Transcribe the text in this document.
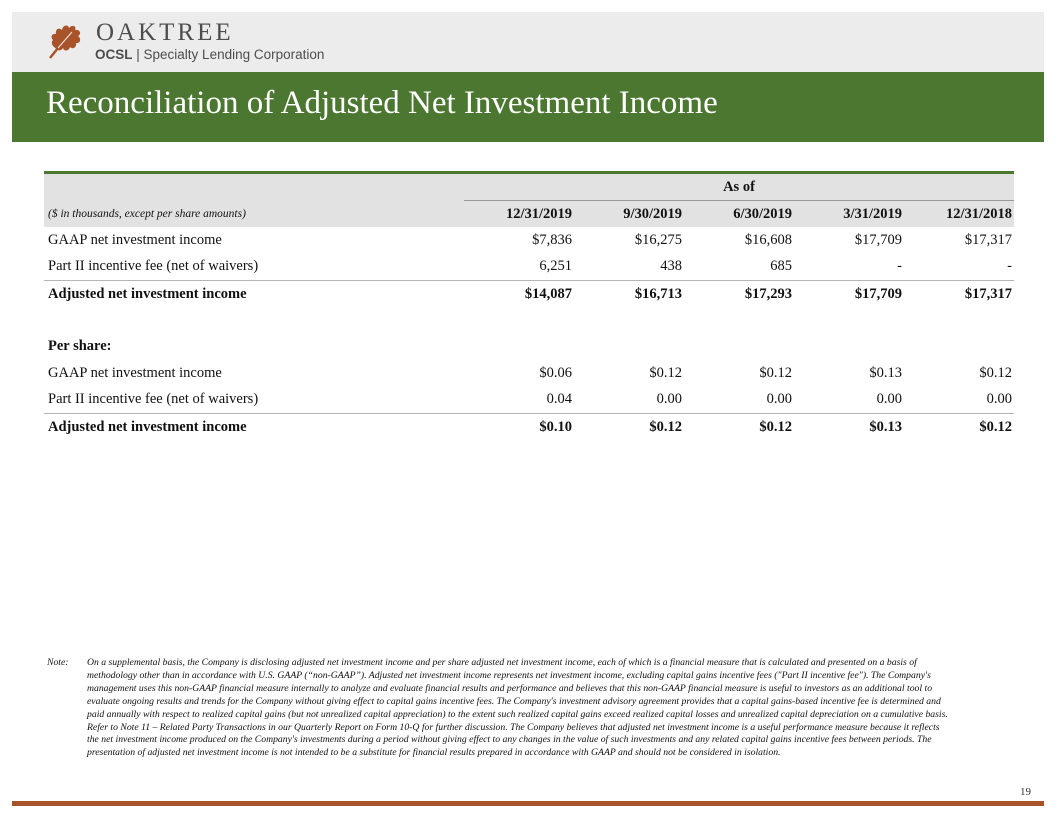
OAKTREE
OCSL | Specialty Lending Corporation
Reconciliation of Adjusted Net Investment Income

	As of				
($ in thousands, except per share amounts)	12/31/2019	9/30/2019	6/30/2019	3/31/2019	12/31/2018
GAAP net investment income	$7,836	$16,275	$16,608	$17,709	$17,317
Part II incentive fee (net of waivers)	6,251	438	685	-	-
Adjusted net investment income	$14,087	$16,713	$17,293	$17,709	$17,317

Per share:					
GAAP net investment income	$0.06	$0.12	$0.12	$0.13	$0.12
Part II incentive fee (net of waivers)	0.04	0.00	0.00	0.00	0.00
Adjusted net investment income	$0.10	$0.12	$0.12	$0.13	$0.12
Note: On a supplemental basis, the Company is disclosing adjusted net investment income and per share adjusted net investment income, each of which is a financial measure that is calculated and presented on a basis of methodology other than in accordance with U.S. GAAP (“non-GAAP”). Adjusted net investment income represents net investment income, excluding capital gains incentive fees ("Part II incentive fee"). The Company's management uses this non-GAAP financial measure internally to analyze and evaluate financial results and performance and believes that this non-GAAP financial measure is useful to investors as an additional tool to evaluate ongoing results and trends for the Company without giving effect to capital gains incentive fees. The Company's investment advisory agreement provides that a capital gains-based incentive fee is determined and paid annually with respect to realized capital gains (but not unrealized capital appreciation) to the extent such realized capital gains exceed realized capital losses and unrealized capital depreciation on a cumulative basis. Refer to Note 11 – Related Party Transactions in our Quarterly Report on Form 10-Q for further discussion. The Company believes that adjusted net investment income is a useful performance measure because it reflects the net investment income produced on the Company's investments during a period without giving effect to any changes in the value of such investments and any related capital gains incentive fees between periods. The presentation of adjusted net investment income is not intended to be a substitute for financial results prepared in accordance with GAAP and should not be considered in isolation.
19
